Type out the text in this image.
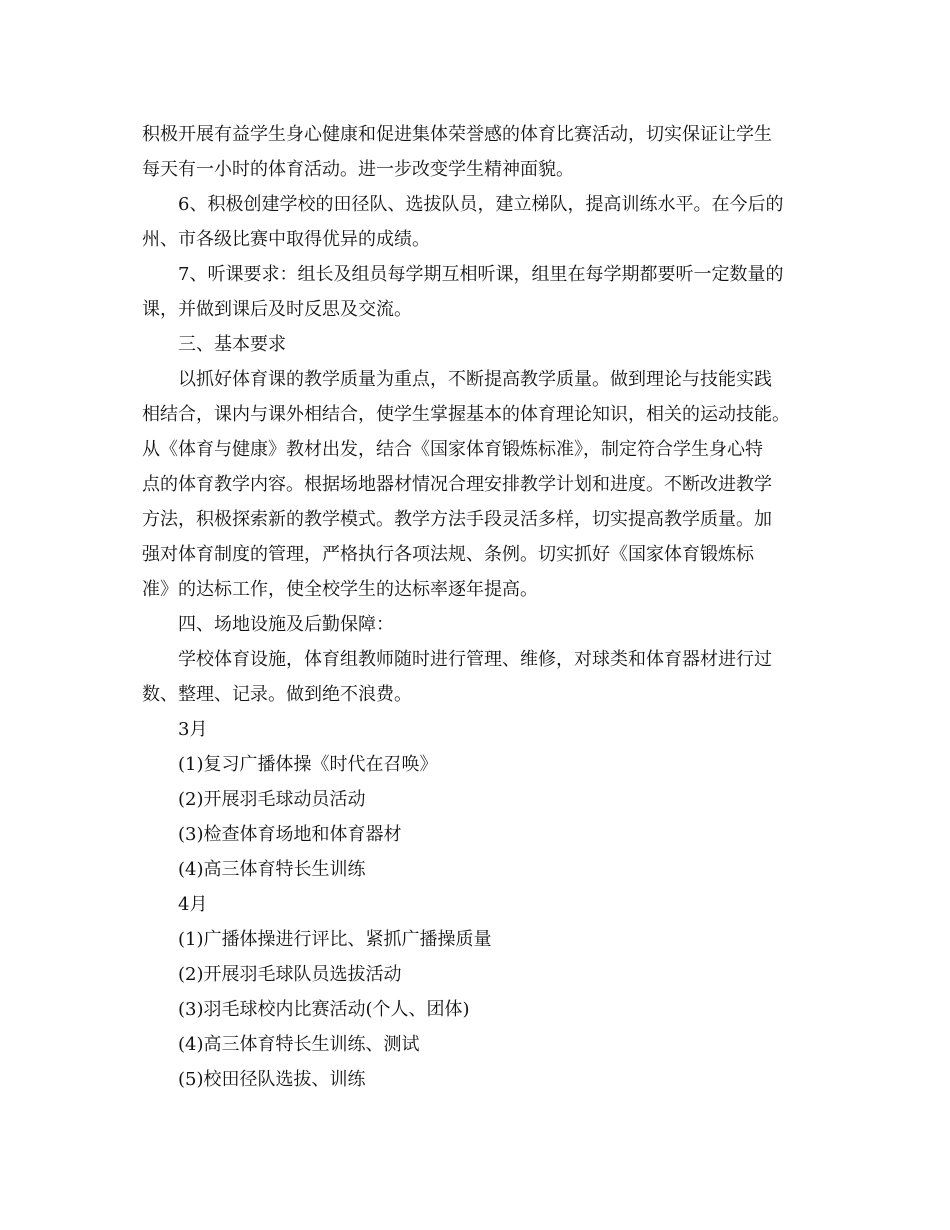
积极开展有益学生身心健康和促进集体荣誉感的体育比赛活动，切实保证让学生

每天有一小时的体育活动。进一步改变学生精神面貌。

6、积极创建学校的田径队、选拔队员，建立梯队，提高训练水平。在今后的

州、市各级比赛中取得优异的成绩。

7、听课要求：组长及组员每学期互相听课，组里在每学期都要听一定数量的

课，并做到课后及时反思及交流。

三、基本要求

以抓好体育课的教学质量为重点，不断提高教学质量。做到理论与技能实践

相结合，课内与课外相结合，使学生掌握基本的体育理论知识，相关的运动技能。

从《体育与健康》教材出发，结合《国家体育锻炼标准》，制定符合学生身心特

点的体育教学内容。根据场地器材情况合理安排教学计划和进度。不断改进教学

方法，积极探索新的教学模式。教学方法手段灵活多样，切实提高教学质量。加

强对体育制度的管理，严格执行各项法规、条例。切实抓好《国家体育锻炼标

准》的达标工作，使全校学生的达标率逐年提高。

四、场地设施及后勤保障：

学校体育设施，体育组教师随时进行管理、维修，对球类和体育器材进行过

数、整理、记录。做到绝不浪费。

3月

(1)复习广播体操《时代在召唤》

(2)开展羽毛球动员活动

(3)检查体育场地和体育器材

(4)高三体育特长生训练

4月

(1)广播体操进行评比、紧抓广播操质量

(2)开展羽毛球队员选拔活动

(3)羽毛球校内比赛活动(个人、团体)

(4)高三体育特长生训练、测试

(5)校田径队选拔、训练
